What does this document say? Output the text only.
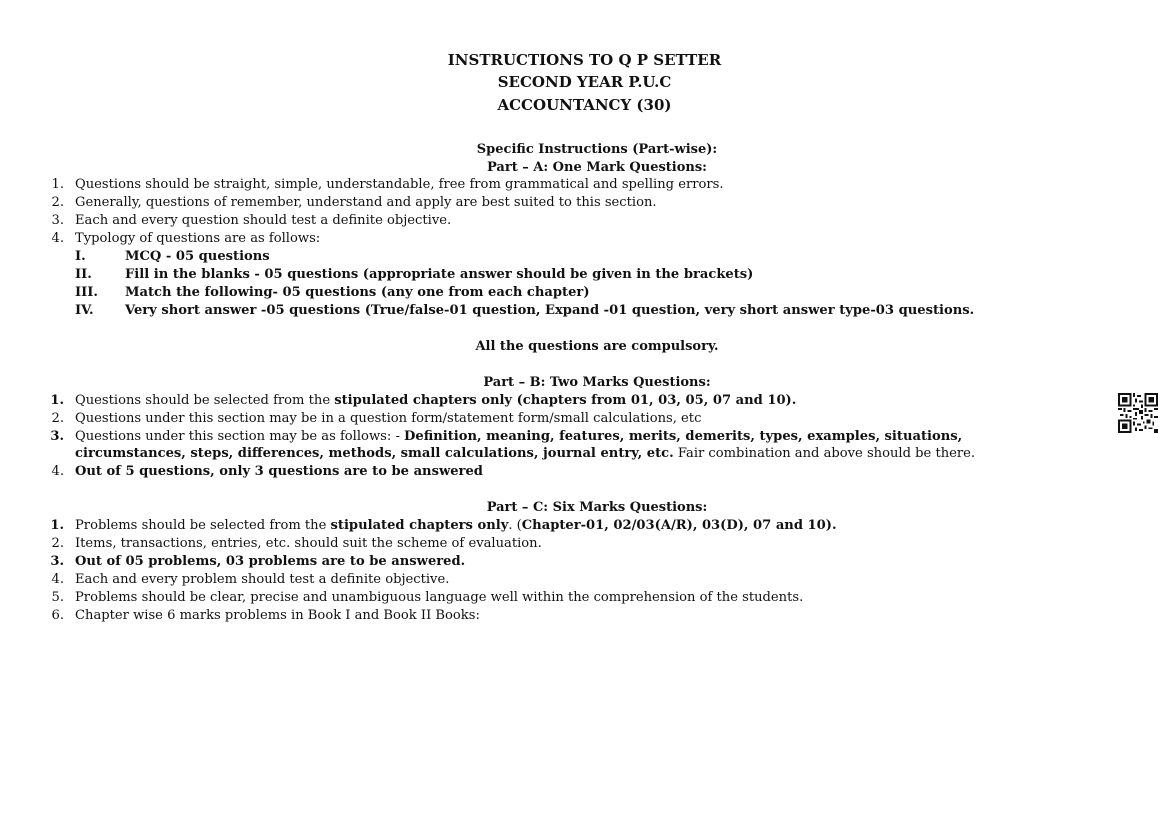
INSTRUCTIONS TO Q P SETTER
SECOND YEAR P.U.C
ACCOUNTANCY (30)
Specific Instructions (Part-wise):
Part – A: One Mark Questions:
1. Questions should be straight, simple, understandable, free from grammatical and spelling errors.
2. Generally, questions of remember, understand and apply are best suited to this section.
3. Each and every question should test a definite objective.
4. Typology of questions are as follows:
I.	MCQ - 05 questions
II.	Fill in the blanks - 05 questions (appropriate answer should be given in the brackets)
III. Match the following- 05 questions (any one from each chapter)
IV. Very short answer -05 questions (True/false-01 question, Expand -01 question, very short answer type-03 questions.
All the questions are compulsory.
Part – B: Two Marks Questions:
1. Questions should be selected from the stipulated chapters only (chapters from 01, 03, 05, 07 and 10).
2. Questions under this section may be in a question form/statement form/small calculations, etc
3. Questions under this section may be as follows: - Definition, meaning, features, merits, demerits, types, examples, situations,
circumstances, steps, differences, methods, small calculations, journal entry, etc. Fair combination and above should be there.
4. Out of 5 questions, only 3 questions are to be answered
Part – C: Six Marks Questions:
1. Problems should be selected from the stipulated chapters only. (Chapter-01, 02/03(A/R), 03(D), 07 and 10).
2. Items, transactions, entries, etc. should suit the scheme of evaluation.
3. Out of 05 problems, 03 problems are to be answered.
4. Each and every problem should test a definite objective.
5. Problems should be clear, precise and unambiguous language well within the comprehension of the students.
6. Chapter wise 6 marks problems in Book I and Book II Books:
